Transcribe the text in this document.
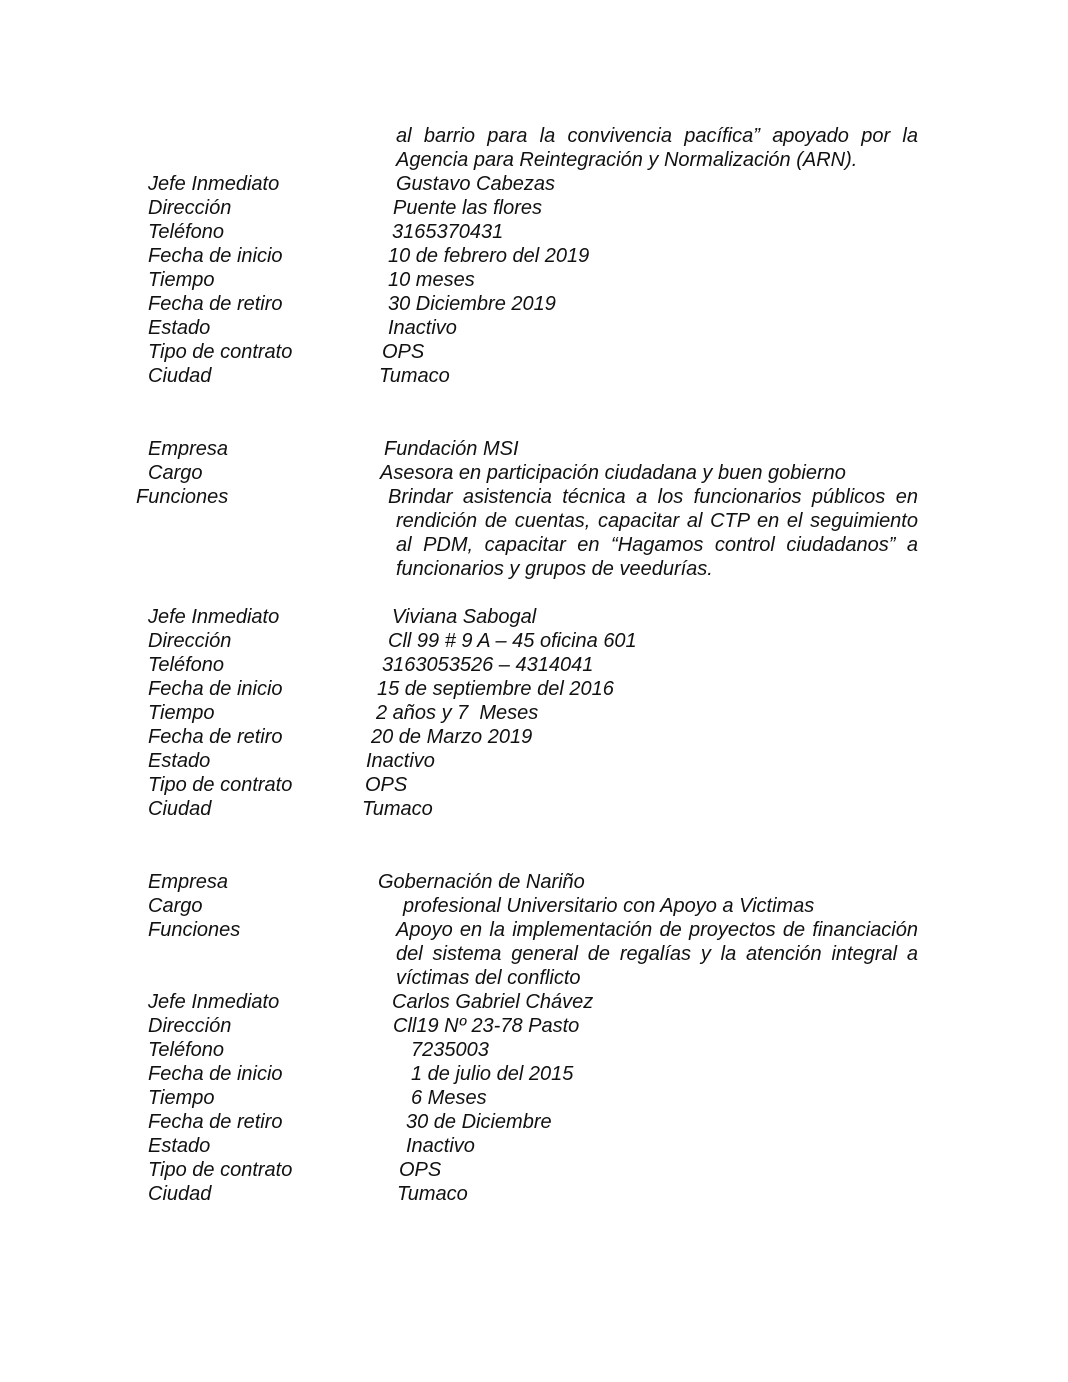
al barrio para la convivencia pacífica” apoyado por la
Agencia para Reintegración y Normalización (ARN).
Jefe Inmediato	Gustavo Cabezas
Dirección	Puente las flores
Teléfono	3165370431
Fecha de inicio	10 de febrero del 2019
Tiempo	10 meses
Fecha de retiro	30 Diciembre 2019
Estado	Inactivo
Tipo de contrato	OPS
Ciudad	Tumaco
Empresa	Fundación MSI
Cargo	Asesora en participación ciudadana y buen gobierno
Funciones	Brindar asistencia técnica a los funcionarios públicos en
rendición de cuentas, capacitar al CTP en el seguimiento al PDM, capacitar en “Hagamos control ciudadanos” a funcionarios y grupos de veedurías.
Jefe Inmediato	Viviana Sabogal
Dirección	Cll 99 # 9 A – 45 oficina 601
Teléfono	3163053526 – 4314041
Fecha de inicio	15 de septiembre del 2016
Tiempo	2 años y 7  Meses
Fecha de retiro	20 de Marzo 2019
Estado	Inactivo
Tipo de contrato	OPS
Ciudad	Tumaco
Empresa	Gobernación de Nariño
Cargo	profesional Universitario con Apoyo a Victimas
Funciones	Apoyo en la implementación de proyectos de financiación del sistema general de regalías y la atención integral a víctimas del conflicto
Jefe Inmediato	Carlos Gabriel Chávez
Dirección	Cll19 Nº 23-78 Pasto
Teléfono	7235003
Fecha de inicio	1 de julio del 2015
Tiempo	6 Meses
Fecha de retiro	30 de Diciembre
Estado	Inactivo
Tipo de contrato	OPS
Ciudad	Tumaco
